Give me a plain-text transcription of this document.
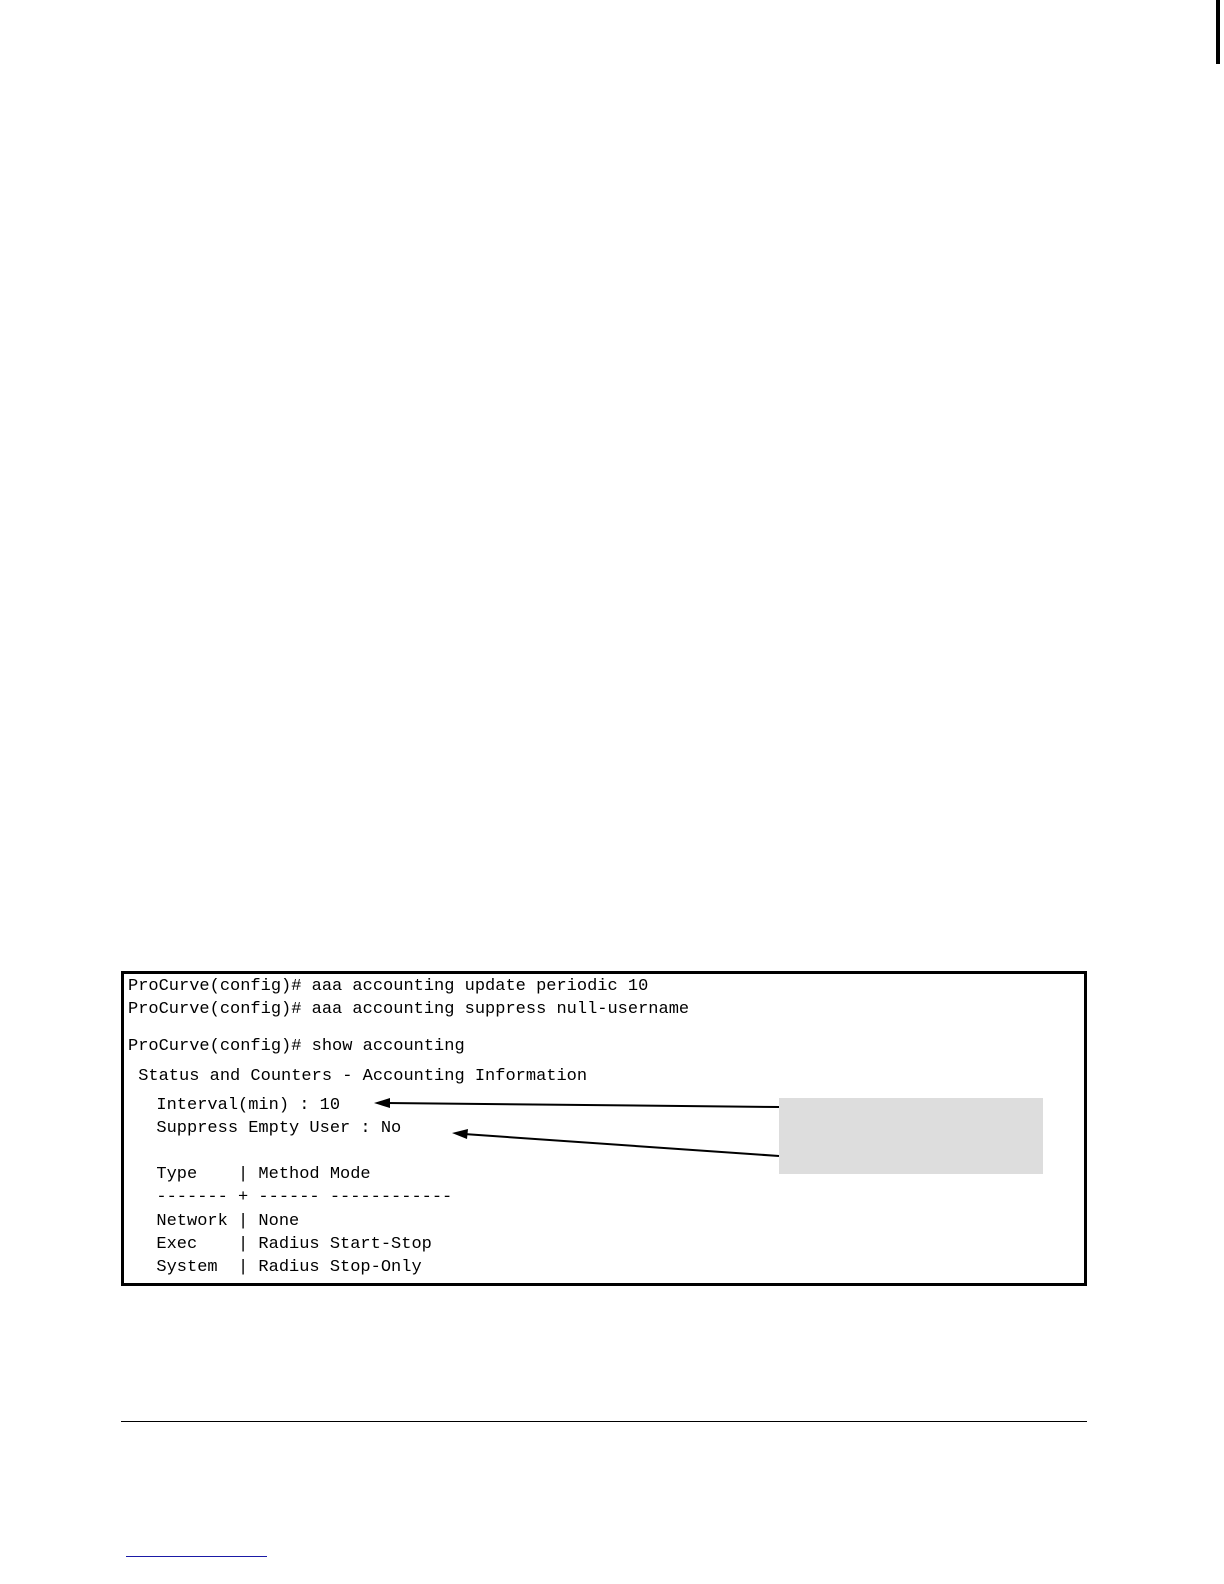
ProCurve(config)# aaa accounting update periodic 10
ProCurve(config)# aaa accounting suppress null-username
ProCurve(config)# show accounting
Status and Counters - Accounting Information
Interval(min) : 10
Suppress Empty User : No
Type    | Method Mode
------- + ------ ------------
Network | None
Exec    | Radius Start-Stop
System  | Radius Stop-Only
